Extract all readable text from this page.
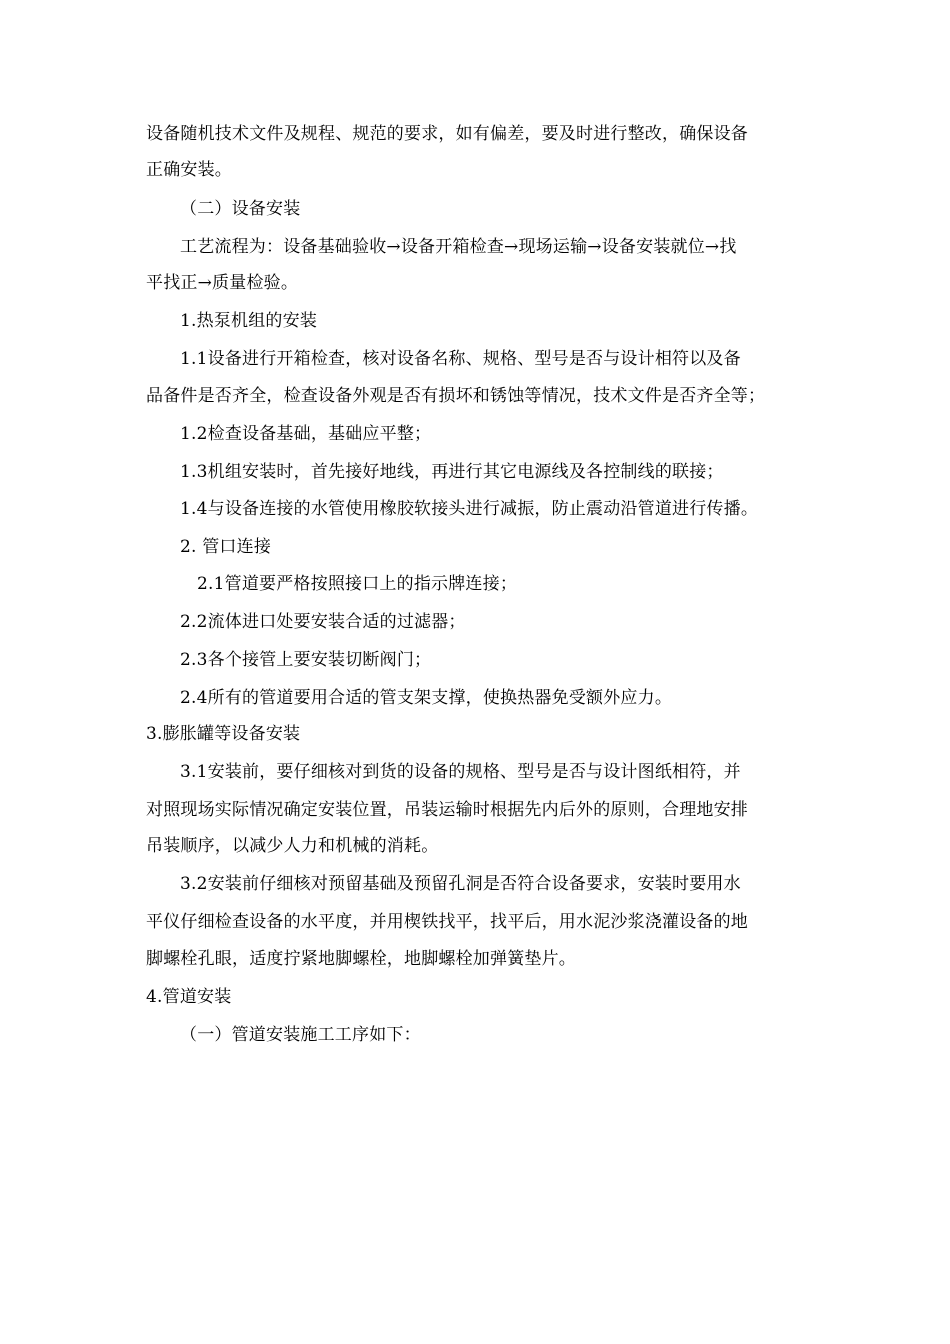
设备随机技术文件及规程、规范的要求，如有偏差，要及时进行整改，确保设备
正确安装。
（二）设备安装
工艺流程为：设备基础验收→设备开箱检查→现场运输→设备安装就位→找
平找正→质量检验。
1.热泵机组的安装
1.1设备进行开箱检查，核对设备名称、规格、型号是否与设计相符以及备
品备件是否齐全，检查设备外观是否有损坏和锈蚀等情况，技术文件是否齐全等；
1.2检查设备基础，基础应平整；
1.3机组安装时，首先接好地线，再进行其它电源线及各控制线的联接；
1.4与设备连接的水管使用橡胶软接头进行减振，防止震动沿管道进行传播。
2. 管口连接
2.1管道要严格按照接口上的指示牌连接；
2.2流体进口处要安装合适的过滤器；
2.3各个接管上要安装切断阀门；
2.4所有的管道要用合适的管支架支撑，使换热器免受额外应力。
3.膨胀罐等设备安装
3.1安装前，要仔细核对到货的设备的规格、型号是否与设计图纸相符，并
对照现场实际情况确定安装位置，吊装运输时根据先内后外的原则，合理地安排
吊装顺序，以减少人力和机械的消耗。
3.2安装前仔细核对预留基础及预留孔洞是否符合设备要求，安装时要用水
平仪仔细检查设备的水平度，并用楔铁找平，找平后，用水泥沙浆浇灌设备的地
脚螺栓孔眼，适度拧紧地脚螺栓，地脚螺栓加弹簧垫片。
4.管道安装
（一）管道安装施工工序如下：
